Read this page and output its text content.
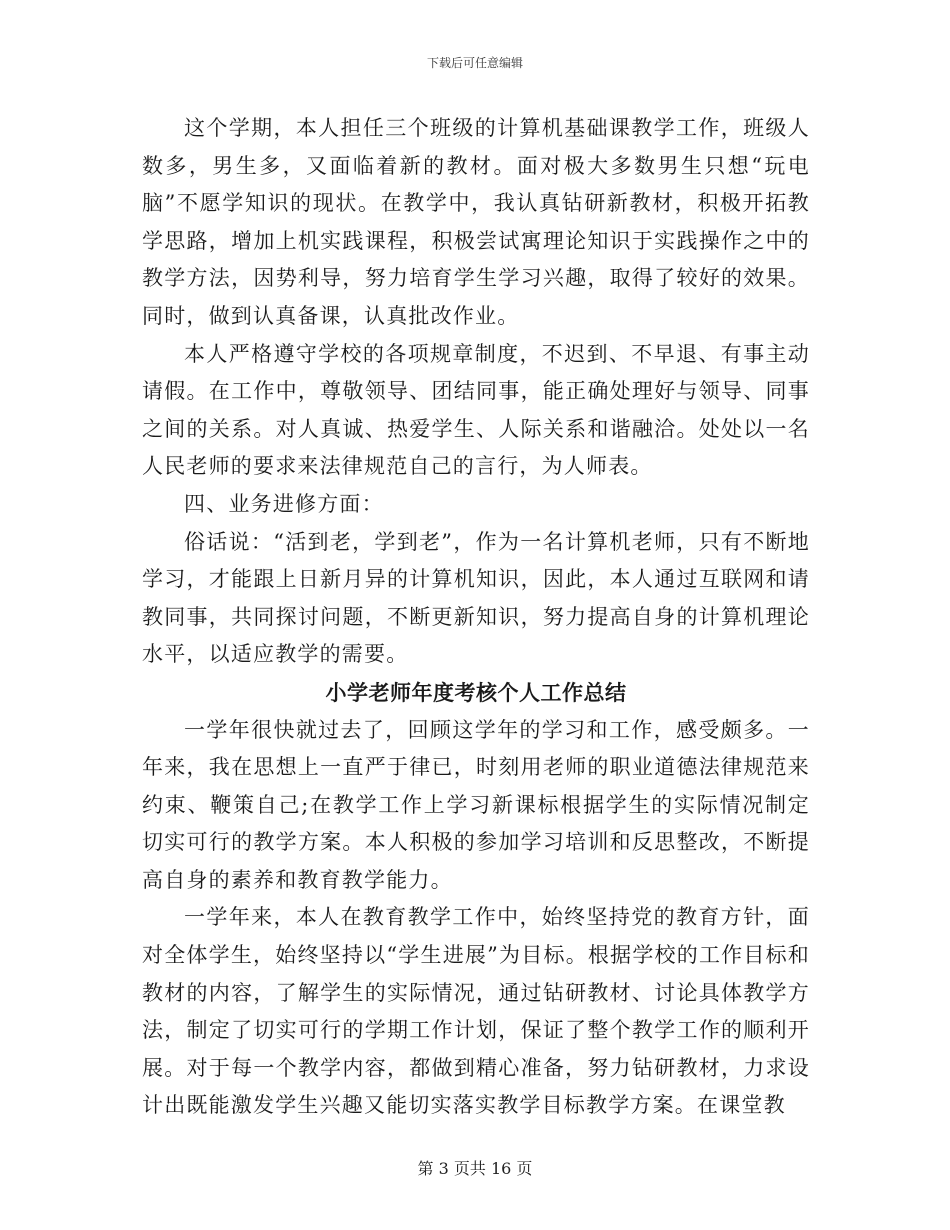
下载后可任意编辑

这个学期，本人担任三个班级的计算机基础课教学工作，班级人数多，男生多，又面临着新的教材。面对极大多数男生只想“玩电脑”不愿学知识的现状。在教学中，我认真钻研新教材，积极开拓教学思路，增加上机实践课程，积极尝试寓理论知识于实践操作之中的教学方法，因势利导，努力培育学生学习兴趣，取得了较好的效果。同时，做到认真备课，认真批改作业。

本人严格遵守学校的各项规章制度，不迟到、不早退、有事主动请假。在工作中，尊敬领导、团结同事，能正确处理好与领导、同事之间的关系。对人真诚、热爱学生、人际关系和谐融洽。处处以一名人民老师的要求来法律规范自己的言行，为人师表。

四、业务进修方面：

俗话说：“活到老，学到老”，作为一名计算机老师，只有不断地学习，才能跟上日新月异的计算机知识，因此，本人通过互联网和请教同事，共同探讨问题，不断更新知识，努力提高自身的计算机理论水平，以适应教学的需要。

小学老师年度考核个人工作总结

一学年很快就过去了，回顾这学年的学习和工作，感受颇多。一年来，我在思想上一直严于律已，时刻用老师的职业道德法律规范来约束、鞭策自己;在教学工作上学习新课标根据学生的实际情况制定切实可行的教学方案。本人积极的参加学习培训和反思整改，不断提高自身的素养和教育教学能力。

一学年来，本人在教育教学工作中，始终坚持党的教育方针，面对全体学生，始终坚持以“学生进展”为目标。根据学校的工作目标和教材的内容，了解学生的实际情况，通过钻研教材、讨论具体教学方法，制定了切实可行的学期工作计划，保证了整个教学工作的顺利开展。对于每一个教学内容，都做到精心准备，努力钻研教材，力求设计出既能激发学生兴趣又能切实落实教学目标教学方案。在课堂教

第 3 页共 16 页
